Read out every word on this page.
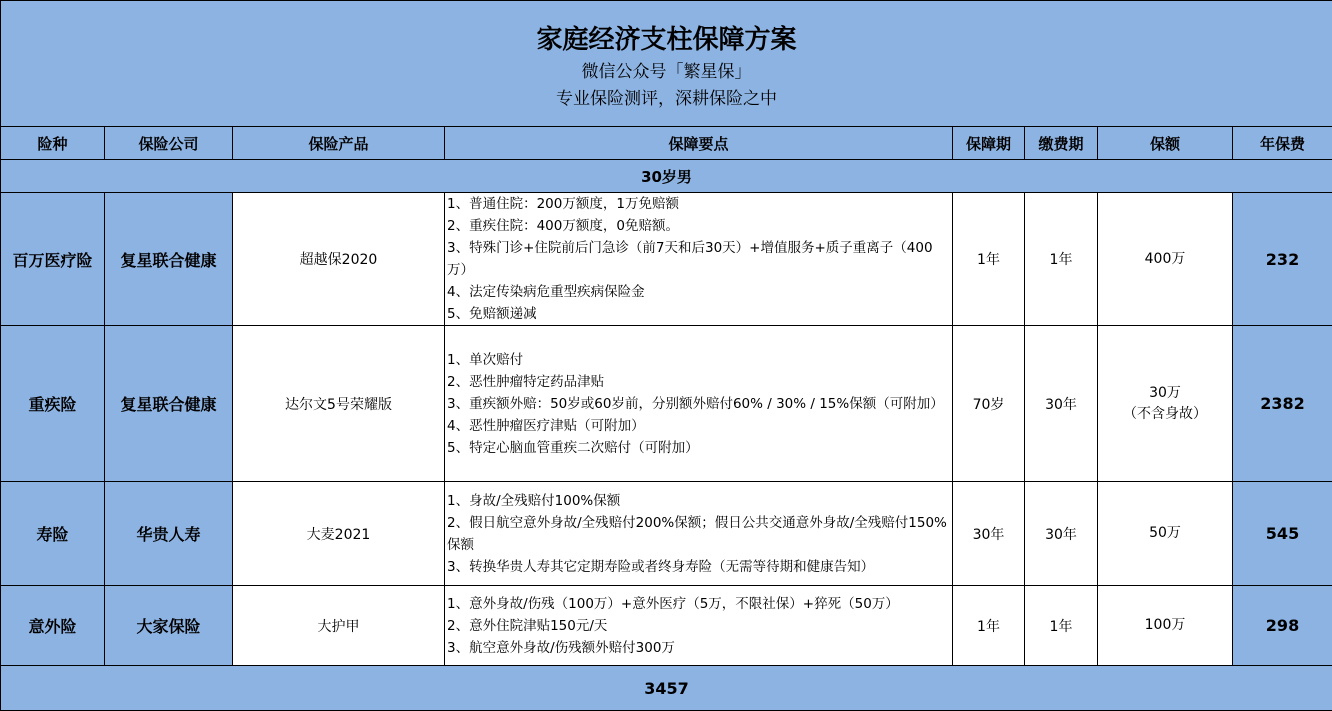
家庭经济支柱保障方案
微信公众号「繁星保」
专业保险测评，深耕保险之中							

险种	保险公司	保险产品	保障要点	保障期	缴费期	保额	年保费
30岁男							
百万医疗险	复星联合健康	超越保2020	1、普通住院：200万额度，1万免赔额
2、重疾住院：400万额度，0免赔额。
3、特殊门诊+住院前后门急诊（前7天和后30天）+增值服务+质子重离子（400万）
4、法定传染病危重型疾病保险金
5、免赔额递减	1年	1年	400万	232
重疾险	复星联合健康	达尔文5号荣耀版	1、单次赔付
2、恶性肿瘤特定药品津贴
3、重疾额外赔：50岁或60岁前，分别额外赔付60% / 30% / 15%保额（可附加）
4、恶性肿瘤医疗津贴（可附加）
5、特定心脑血管重疾二次赔付（可附加）	70岁	30年	30万
（不含身故）	2382
寿险	华贵人寿	大麦2021	1、身故/全残赔付100%保额
2、假日航空意外身故/全残赔付200%保额；假日公共交通意外身故/全残赔付150%保额
3、转换华贵人寿其它定期寿险或者终身寿险（无需等待期和健康告知）	30年	30年	50万	545
意外险	大家保险	大护甲	1、意外身故/伤残（100万）+意外医疗（5万，不限社保）+猝死（50万）
2、意外住院津贴150元/天
3、航空意外身故/伤残额外赔付300万	1年	1年	100万	298
3457							
